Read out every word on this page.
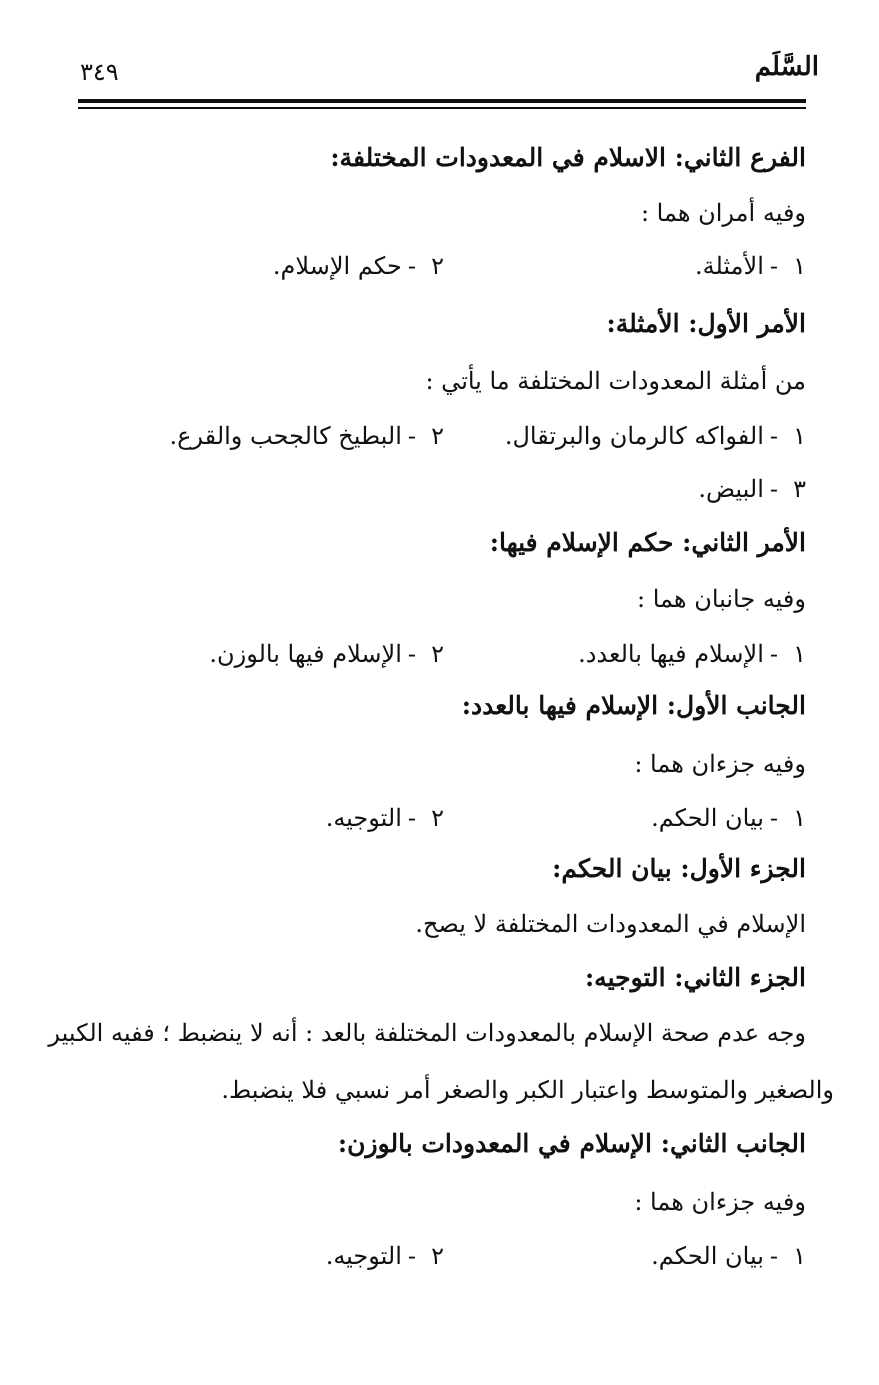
السَّلَم
٣٤٩
الفرع الثاني: الاسلام في المعدودات المختلفة:
وفيه أمران هما :
١-الأمثلة.
٢-حكم الإسلام.
الأمر الأول: الأمثلة:
من أمثلة المعدودات المختلفة ما يأتي :
١-الفواكه كالرمان والبرتقال.
٢-البطيخ كالجحب والقرع.
٣-البيض.
الأمر الثاني: حكم الإسلام فيها:
وفيه جانبان هما :
١-الإسلام فيها بالعدد.
٢-الإسلام فيها بالوزن.
الجانب الأول: الإسلام فيها بالعدد:
وفيه جزءان هما :
١-بيان الحكم.
٢-التوجيه.
الجزء الأول: بيان الحكم:
الإسلام في المعدودات المختلفة لا يصح.
الجزء الثاني: التوجيه:
وجه عدم صحة الإسلام بالمعدودات المختلفة بالعد : أنه لا ينضبط ؛ ففيه الكبير
والصغير والمتوسط واعتبار الكبر والصغر أمر نسبي فلا ينضبط.
الجانب الثاني: الإسلام في المعدودات بالوزن:
وفيه جزءان هما :
١-بيان الحكم.
٢-التوجيه.
